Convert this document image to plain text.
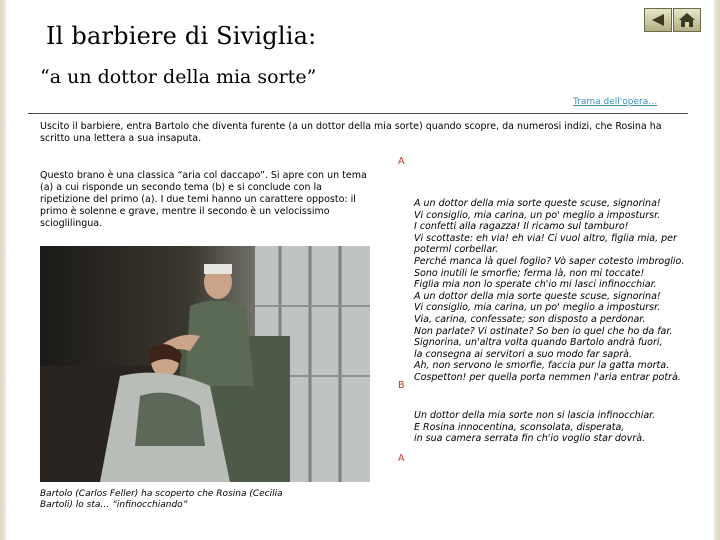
Il barbiere di Siviglia:
“a un dottor della mia sorte”
Trama dell'opera…
Uscito il barbiere, entra Bartolo che diventa furente (a un dottor della mia sorte) quando scopre, da numerosi indizi, che Rosina ha scritto una lettera a sua insaputa.
A
Questo brano è una classica “aria col daccapo”. Si apre con un tema (a) a cui risponde un secondo tema (b) e si conclude con la ripetizione del primo (a). I due temi hanno un carattere opposto: il primo è solenne e grave, mentre il secondo è un velocissimo scioglilingua.
Bartolo (Carlos Feller) ha scoperto che Rosina (Cecilia Bartoli) lo sta… “infinocchiando”
A un dottor della mia sorte queste scuse, signorina!
Vi consiglio, mia carina, un po' meglio a impostursr.
I confetti alla ragazza! Il ricamo sul tamburo!
Vi scottaste: eh via! eh via! Ci vuol altro, figlia mia, per
poterml corbellar.
Perché manca là quel foglio? Vò saper cotesto imbroglio.
Sono inutili le smorfie; ferma là, non mi toccate!
Figlia mia non lo sperate ch'io mi lasci infinocchiar.
A un dottor della mia sorte queste scuse, signorina!
Vi consiglio, mia carina, un po' meglio a impostursr.
Via, carina, confessate; son disposto a perdonar.
Non parlate? Vi ostinate? So ben io quel che ho da far.
Signorina, un'altra volta quando Bartolo andrà fuori,
la consegna ai servitori a suo modo far saprà.
Ah, non servono le smorfie, faccia pur la gatta morta.
Cospetton! per quella porta nemmen l'aria entrar potrà.
B
Un dottor della mia sorte non si lascia infinocchiar.
E Rosina innocentina, sconsolata, disperata,
in sua camera serrata fin ch'io voglio star dovrà.
A
